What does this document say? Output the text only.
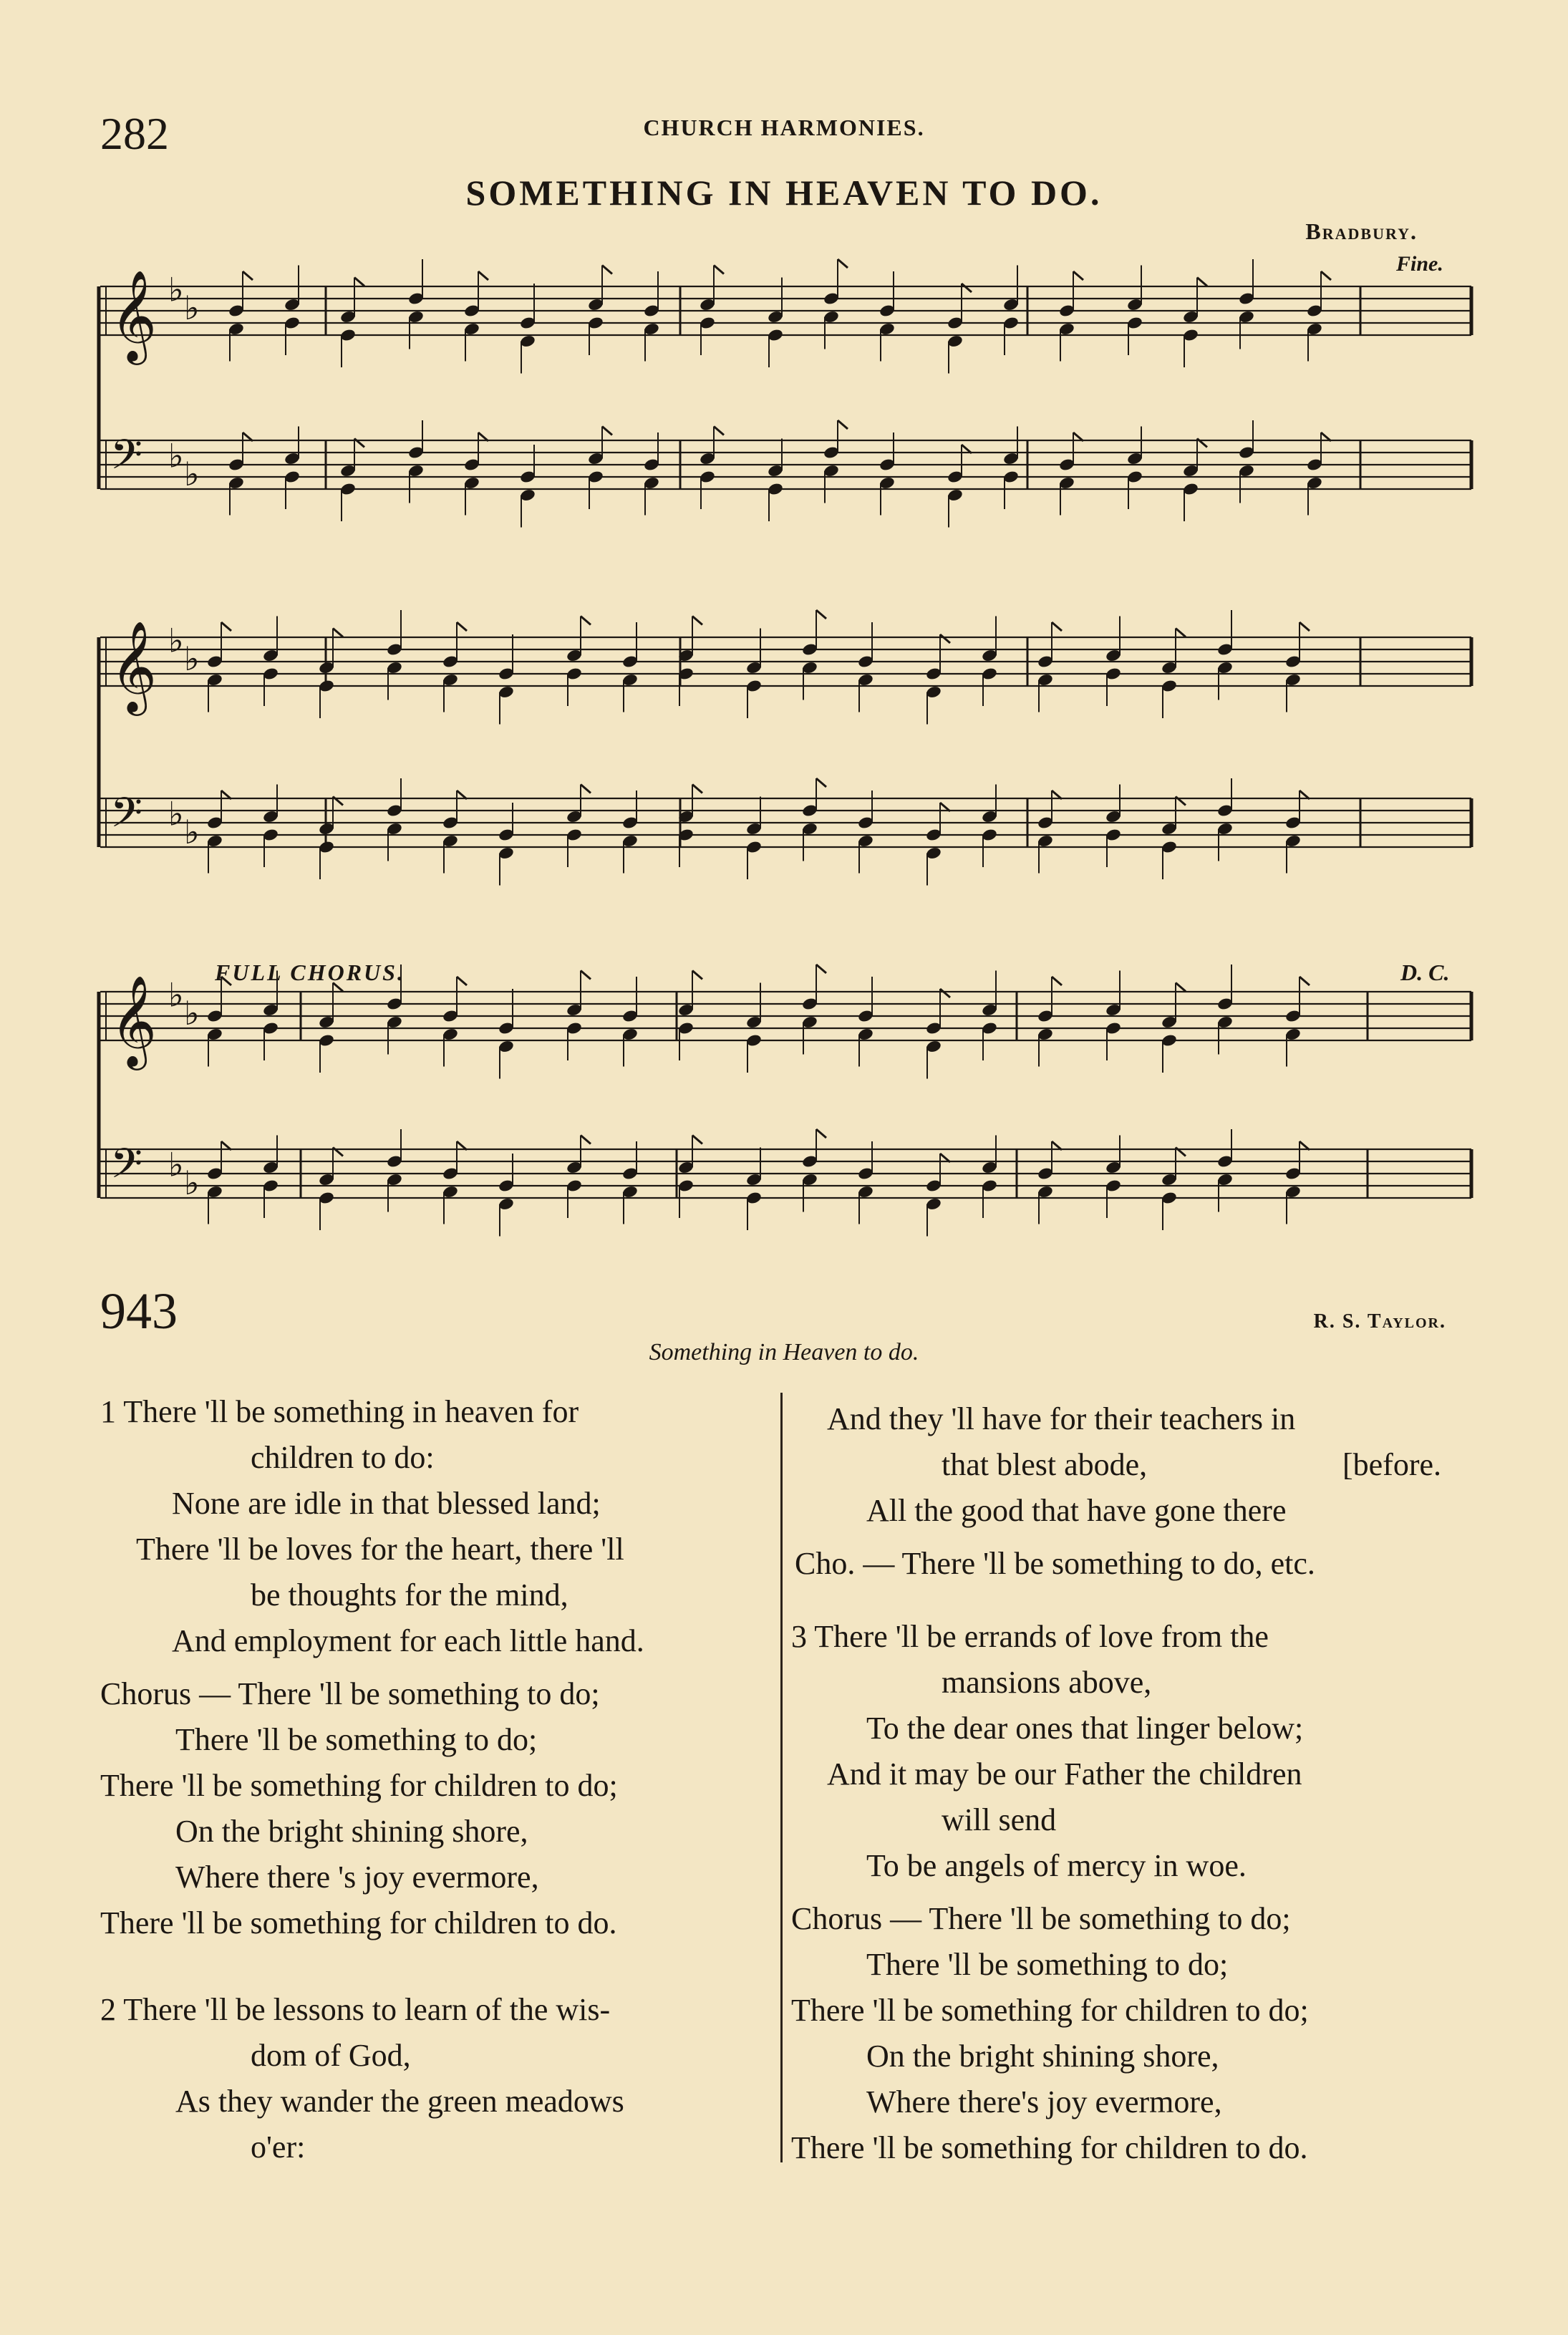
282	CHURCH HARMONIES.
SOMETHING IN HEAVEN TO DO.
Bradbury.
Fine.
FULL CHORUS.	D. C.
𝄞 ♭ ♭
𝄢 ♭ ♭
𝄞 ♭ ♭
𝄢 ♭ ♭
𝄞 ♭ ♭
𝄢 ♭ ♭
943	R. S. Taylor.
Something in Heaven to do.
1 There 'll be something in heaven for
children to do:
None are idle in that blessed land;
There 'll be loves for the heart, there 'll
be thoughts for the mind,
And employment for each little hand.
Chorus — There 'll be something to do;
There 'll be something to do;
There 'll be something for children to do;
On the bright shining shore,
Where there 's joy evermore,
There 'll be something for children to do.
2 There 'll be lessons to learn of the wis-
dom of God,
As they wander the green meadows
o'er:
And they 'll have for their teachers in
that blest abode,	[before.
All the good that have gone there
Cho. — There 'll be something to do, etc.
3 There 'll be errands of love from the
mansions above,
To the dear ones that linger below;
And it may be our Father the children
will send
To be angels of mercy in woe.
Chorus — There 'll be something to do;
There 'll be something to do;
There 'll be something for children to do;
On the bright shining shore,
Where there's joy evermore,
There 'll be something for children to do.
